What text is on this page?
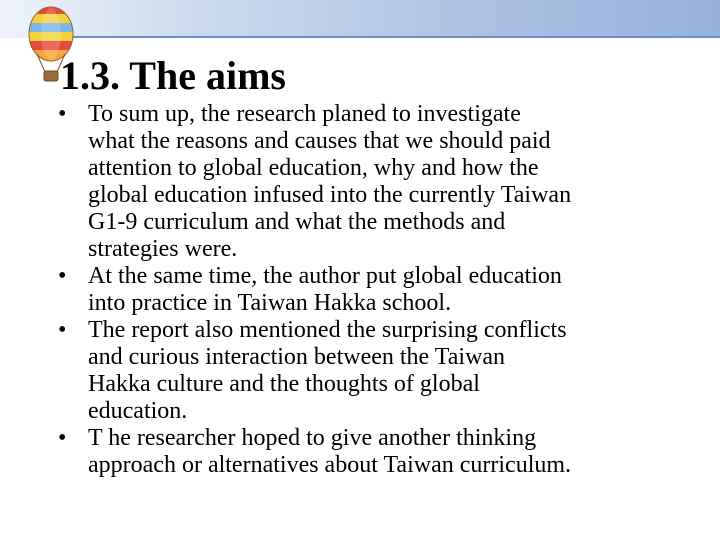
1.3. The aims
• To sum up, the research planed to investigate
what the reasons and causes that we should paid
attention to global education, why and how the
global education infused into the currently Taiwan
G1-9 curriculum and what the methods and
strategies were.
• At the same time, the author put global education
into practice in Taiwan Hakka school.
• The report also mentioned the surprising conflicts
and curious interaction between the Taiwan
Hakka culture and the thoughts of global
education.
• T he researcher hoped to give another thinking
approach or alternatives about Taiwan curriculum.
